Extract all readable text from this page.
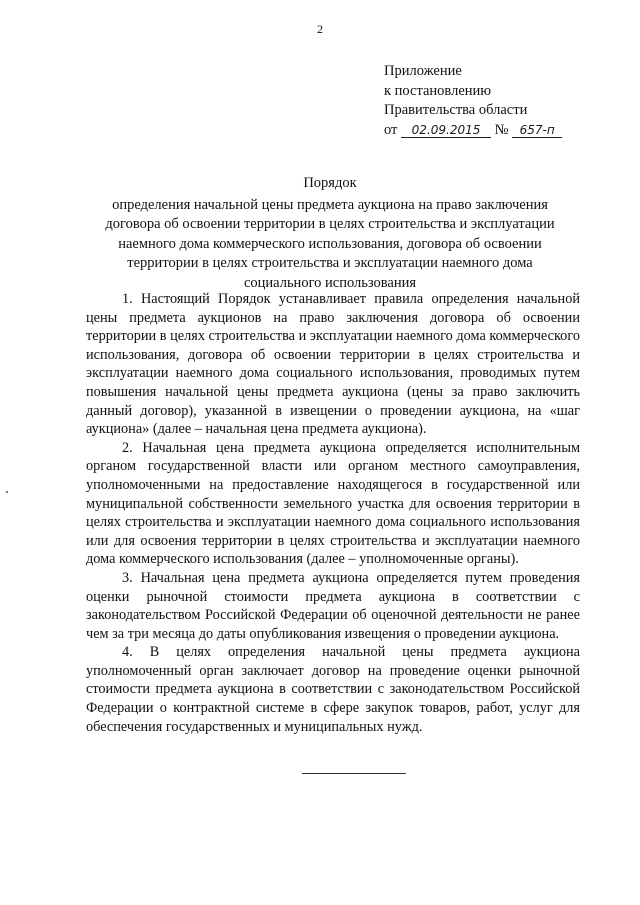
2
Приложение
к постановлению
Правительства области
от 02.09.2015 № 657-п
Порядок
определения начальной цены предмета аукциона на право заключения
договора об освоении территории в целях строительства и эксплуатации
наемного дома коммерческого использования, договора об освоении
территории в целях строительства и эксплуатации наемного дома
социального использования

1. Настоящий Порядок устанавливает правила определения начальной цены предмета аукционов на право заключения договора об освоении территории в целях строительства и эксплуатации наемного дома коммерческого использования, договора об освоении территории в целях строительства и эксплуатации наемного дома социального использования, проводимых путем повышения начальной цены предмета аукциона (цены за право заключить данный договор), указанной в извещении о проведении аукциона, на «шаг аукциона» (далее – начальная цена предмета аукциона).

2. Начальная цена предмета аукциона определяется исполнительным органом государственной власти или органом местного самоуправления, уполномоченными на предоставление находящегося в государственной или муниципальной собственности земельного участка для освоения территории в целях строительства и эксплуатации наемного дома социального использования или для освоения территории в целях строительства и эксплуатации наемного дома коммерческого использования (далее – уполномоченные органы).

3. Начальная цена предмета аукциона определяется путем проведения оценки рыночной стоимости предмета аукциона в соответствии с законодательством Российской Федерации об оценочной деятельности не ранее чем за три месяца до даты опубликования извещения о проведении аукциона.

4. В целях определения начальной цены предмета аукциона уполномоченный орган заключает договор на проведение оценки рыночной стоимости предмета аукциона в соответствии с законодательством Российской Федерации о контрактной системе в сфере закупок товаров, работ, услуг для обеспечения государственных и муниципальных нужд.
